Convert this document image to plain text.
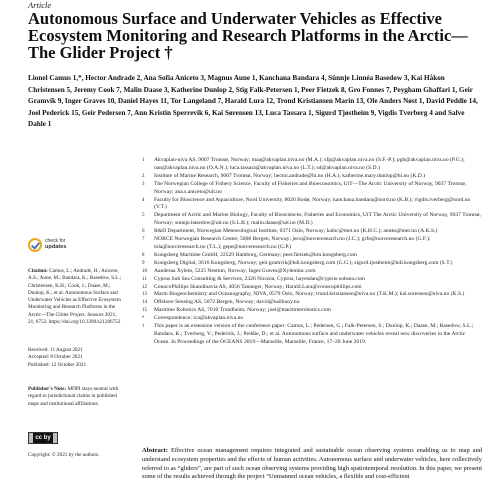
Article
Autonomous Surface and Underwater Vehicles as Effective Ecosystem Monitoring and Research Platforms in the Arctic—The Glider Project †
Lionel Camus 1,*, Hector Andrade 2, Ana Sofia Aniceto 3, Magnus Aune 1, Kanchana Bandara 4, Sünnje Linnéa Basedow 3, Kai Håkon Christensen 5, Jeremy Cook 7, Malin Daase 3, Katherine Dunlop 2, Stig Falk-Petersen 1, Peer Fietzek 8, Gro Fonnes 7, Peygham Ghaffari 1, Geir Gramvik 9, Inger Graves 10, Daniel Hayes 11, Tor Langeland 7, Harald Lura 12, Trond Kristiansen Marin 13, Ole Anders Nøst 1, David Peddie 14, Joel Pederick 15, Geir Pedersen 7, Ann Kristin Sperrevik 6, Kai Sørensen 13, Luca Tassara 1, Sigurd Tjøstheim 9, Vigdis Tverberg 4 and Salve Dahle 1
check for
updates
Citation: Camus, L.; Andrade, H.; Aniceto, A.S.; Aune, M.; Bandara, K.; Basedow, S.L.; Christensen, K.H.; Cook, J.; Daase, M.; Dunlop, K.; et al. Autonomous Surface and Underwater Vehicles as Effective Ecosystem Monitoring and Research Platforms in the Arctic—The Glider Project. Sensors 2021, 21, 6752. https://doi.org/10.3390/s21206752
Received: 11 August 2021
Accepted: 8 October 2021
Published: 12 October 2021
Publisher's Note: MDPI stays neutral with regard to jurisdictional claims in published maps and institutional affiliations.
cc by
Copyright: © 2021 by the authors.
1 Akvaplan-niva AS, 9007 Tromsø, Norway; maa@akvaplan.niva.no (M.A.); sfp@akvaplan.niva.no (S.F.-P.); pgh@akvaplan.niva.no (P.G.); oan@akvaplan.niva.no (O.A.N.); luca.tassara@akvaplan.niva.no (L.T.); sd@akvaplan.niva.no (S.D.)
2 Institute of Marine Research, 9007 Tromsø, Norway; hector.andrade@hi.no (H.A.); katherine.mary.dunlop@hi.no (K.D.)
3 The Norwegian College of Fishery Science, Faculty of Fisheries and Bioeconomics, UiT—The Arctic University of Norway, 9037 Tromsø, Norway; ana.s.aniceto@uit.no
4 Faculty for Bioscience and Aquaculture, Nord University, 8026 Bodø, Norway; kanchana.bandara@nord.no (K.B.); vigdis.tverberg@nord.no (V.T.)
5 Department of Arctic and Marine Biology, Faculty of Biosciences, Fisheries and Economics, UiT The Arctic University of Norway, 9037 Tromsø, Norway; sunnje.basedow@uit.no (S.L.B.); malin.daase@uit.no (M.D.)
6 R&D Department, Norwegian Meteorological Institute, 0371 Oslo, Norway; kaihc@met.no (K.H.C.); annks@met.no (A.K.S.)
7 NORCE Norwegian Research Center, 5008 Bergen, Norway; jeco@norceresearch.no (J.C.); grfo@norceresearch.no (G.F.); tola@norceresearch.no (T.L.); gepe@norceresearch.no (G.P.)
8 Kongsberg Maritime GmbH, 22529 Hamburg, Germany; peer.fietzek@km.kongsberg.com
9 Kongsberg Digital, 3616 Kongsberg, Norway; geir.gramvik@kdi.kongsberg.com (G.G.); sigurd.tjostheim@kdi.kongsberg.com (S.T.)
10 Aanderaa Xylem, 5225 Nesttun, Norway; Inger.Graves@Xyleminc.com
11 Cyprus Sub Sea Consulting & Services, 2326 Nicosia, Cyprus; hayesdan@cyprus-subsea.com
12 ConocoPhillips Skandinavia AS, 4056 Tananger, Norway; Harald.Lura@conocophillips.com
13 Marin Biogeochemistry and Oceanography, NIVA, 0579 Oslo, Norway; trond.kristiansen@niva.no (T.K.M.); kai.sorensen@niva.no (K.S.)
14 Offshore Sensing AS, 5072 Bergen, Norway; david@sailbuoy.no
15 Maritime Robotics AS, 7010 Trondheim, Norway; joel@maritimerobotics.com
* Correspondence: lca@akvaplan.niva.no
† This paper is an extension version of the conference paper: Camus, L.; Pedersen, G.; Falk-Petersen, S.; Dunlop, K.; Daase, M.; Basedow, S.L.; Bandara, K.; Tverberg, V.; Pederick, J.; Peddie, D.; et al. Autonomous surface and underwater vehicles reveal new discoveries in the Arctic Ocean. In Proceedings of the OCEANS 2019—Marseille, Marseille, France, 17–20 June 2019.
Abstract: Effective ocean management requires integrated and sustainable ocean observing systems enabling us to map and understand ecosystem properties and the effects of human activities. Autonomous surface and underwater vehicles, here collectively referred to as “gliders”, are part of such ocean observing systems providing high spatiotemporal resolution. In this paper, we present some of the results achieved through the project “Unmanned ocean vehicles, a flexible and cost-efficient
